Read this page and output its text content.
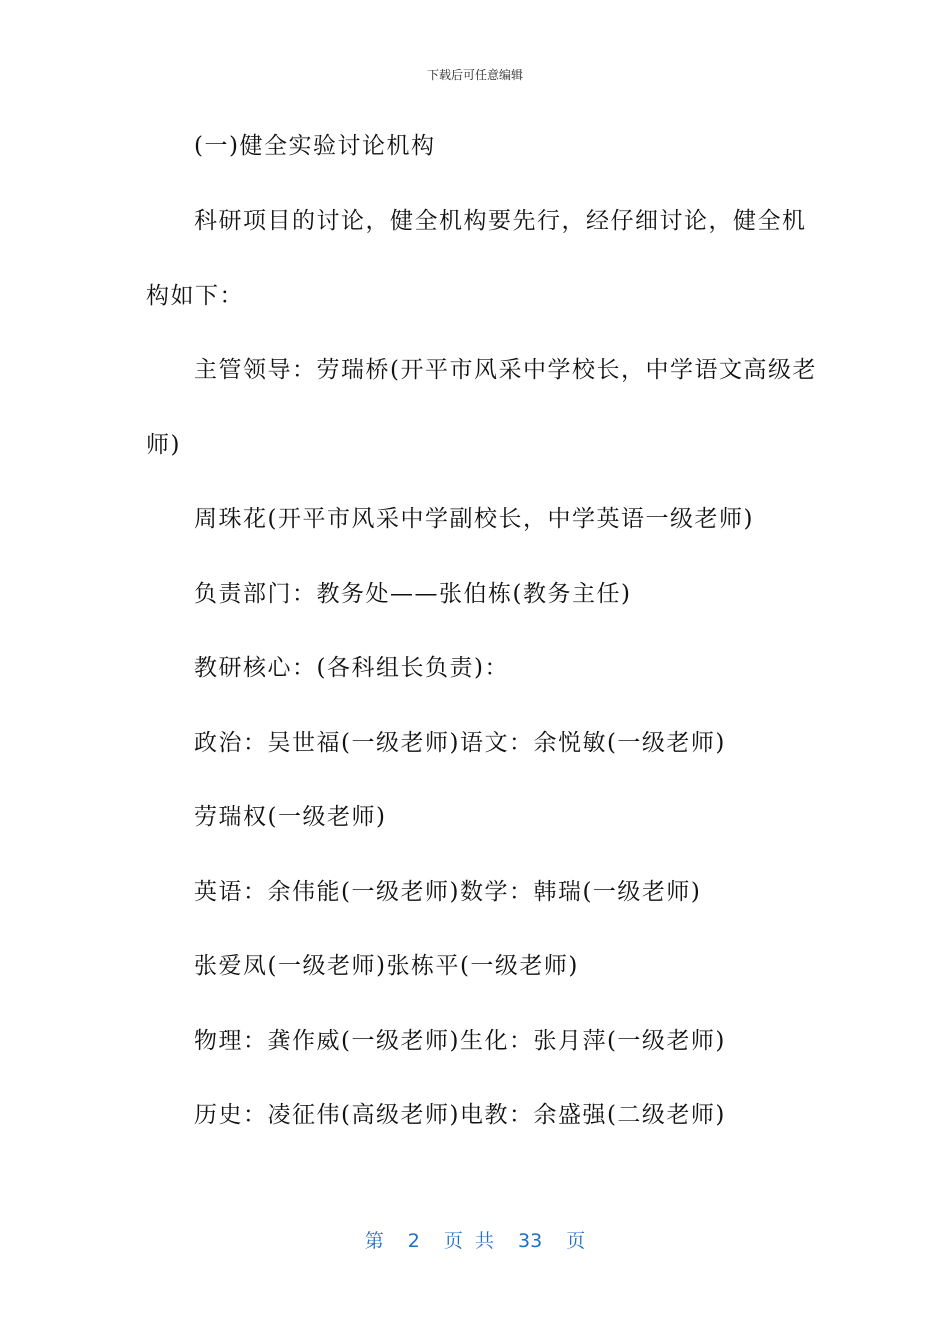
下载后可任意编辑
(一)健全实验讨论机构
科研项目的讨论，健全机构要先行，经仔细讨论，健全机
构如下：
主管领导：劳瑞桥(开平市风采中学校长，中学语文高级老
师)
周珠花(开平市风采中学副校长，中学英语一级老师)
负责部门：教务处——张伯栋(教务主任)
教研核心：(各科组长负责)：
政治：吴世福(一级老师)语文：余悦敏(一级老师)
劳瑞权(一级老师)
英语：余伟能(一级老师)数学：韩瑞(一级老师)
张爱凤(一级老师)张栋平(一级老师)
物理：龚作威(一级老师)生化：张月萍(一级老师)
历史：凌征伟(高级老师)电教：余盛强(二级老师)
第 2 页 共 33 页
